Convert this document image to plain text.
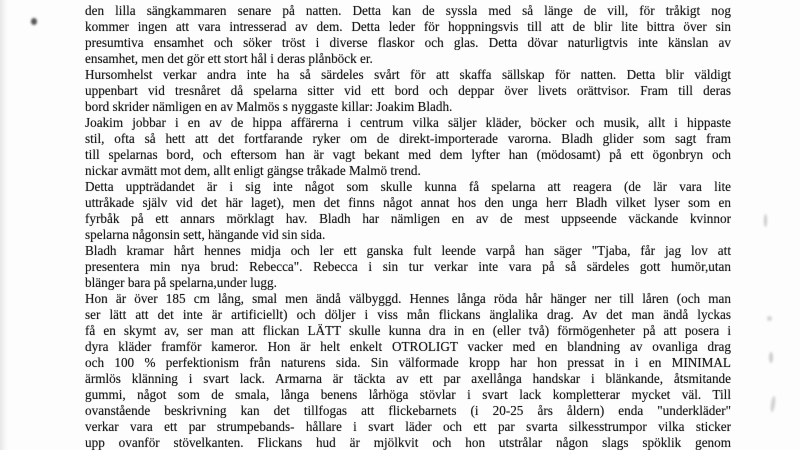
den lilla sängkammaren senare på natten. Detta kan de syssla med så länge de vill, för tråkigt nog
kommer ingen att vara intresserad av dem. Detta leder för hoppningsvis till att de blir lite bittra över sin
presumtiva ensamhet och söker tröst i diverse flaskor och glas. Detta dövar naturligtvis inte känslan av
ensamhet, men det gör ett stort hål i deras plånböck er.
Hursomhelst verkar andra inte ha så särdeles svårt för att skaffa sällskap för natten. Detta blir väldigt
uppenbart vid tresnåret då spelarna sitter vid ett bord och deppar över livets orättvisor. Fram till deras
bord skrider nämligen en av Malmös s nyggaste killar: Joakim Bladh.
Joakim jobbar i en av de hippa affärerna i centrum vilka säljer kläder, böcker och musik, allt i hippaste
stil, ofta så hett att det fortfarande ryker om de direkt-importerade varorna. Bladh glider som sagt fram
till spelarnas bord, och eftersom han är vagt bekant med dem lyfter han (mödosamt) på ett ögonbryn och
nickar avmätt mot dem, allt enligt gängse tråkade Malmö trend.
Detta uppträdandet är i sig inte något som skulle kunna få spelarna att reagera (de lär vara lite
uttråkade själv vid det här laget), men det finns något annat hos den unga herr Bladh vilket lyser som en
fyrbåk på ett annars mörklagt hav. Bladh har nämligen en av de mest uppseende väckande kvinnor
spelarna någonsin sett, hängande vid sin sida.
Bladh kramar hårt hennes midja och ler ett ganska fult leende varpå han säger "Tjaba, får jag lov att
presentera min nya brud: Rebecca". Rebecca i sin tur verkar inte vara på så särdeles gott humör,utan
blänger bara på spelarna,under lugg.
Hon är över 185 cm lång, smal men ändå välbyggd. Hennes långa röda hår hänger ner till låren (och man
ser lätt att det inte är artificiellt) och döljer i viss mån flickans änglalika drag. Av det man ändå lyckas
få en skymt av, ser man att flickan LÄTT skulle kunna dra in en (eller två) förmögenheter på att posera i
dyra kläder framför kameror. Hon är helt enkelt OTROLIGT vacker med en blandning av ovanliga drag
och 100 % perfektionism från naturens sida. Sin välformade kropp har hon pressat in i en MINIMAL
ärmlös klänning i svart lack. Armarna är täckta av ett par axellånga handskar i blänkande, åtsmitande
gummi, något som de smala, långa benens lårhöga stövlar i svart lack kompletterar mycket väl. Till
ovanstående beskrivning kan det tillfogas att flickebarnets (i 20-25 års åldern) enda "underkläder"
verkar vara ett par strumpebands- hållare i svart läder och ett par svarta silkesstrumpor vilka sticker
upp ovanför stövelkanten. Flickans hud är mjölkvit och hon utstrålar någon slags spöklik genom
